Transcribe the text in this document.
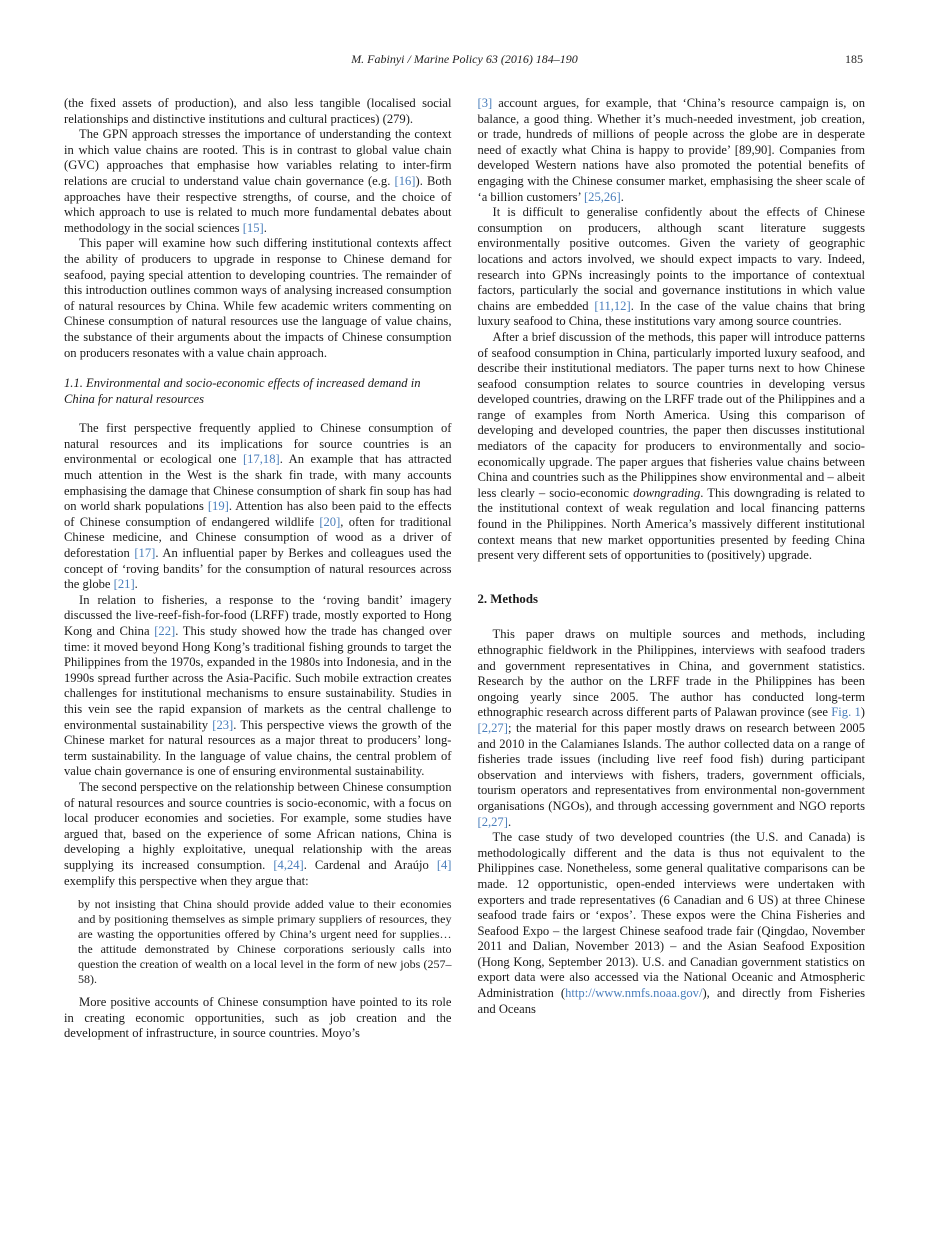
M. Fabinyi / Marine Policy 63 (2016) 184–190	185

(the fixed assets of production), and also less tangible (localised social relationships and distinctive institutions and cultural practices) (279).

The GPN approach stresses the importance of understanding the context in which value chains are rooted. This is in contrast to global value chain (GVC) approaches that emphasise how variables relating to inter-firm relations are crucial to understand value chain governance (e.g. [16]). Both approaches have their respective strengths, of course, and the choice of which approach to use is related to much more fundamental debates about methodology in the social sciences [15].

This paper will examine how such differing institutional contexts affect the ability of producers to upgrade in response to Chinese demand for seafood, paying special attention to developing countries. The remainder of this introduction outlines common ways of analysing increased consumption of natural resources by China. While few academic writers commenting on Chinese consumption of natural resources use the language of value chains, the substance of their arguments about the impacts of Chinese consumption on producers resonates with a value chain approach.

1.1. Environmental and socio-economic effects of increased demand in China for natural resources

The first perspective frequently applied to Chinese consumption of natural resources and its implications for source countries is an environmental or ecological one [17,18]. An example that has attracted much attention in the West is the shark fin trade, with many accounts emphasising the damage that Chinese consumption of shark fin soup has had on world shark populations [19]. Attention has also been paid to the effects of Chinese consumption of endangered wildlife [20], often for traditional Chinese medicine, and Chinese consumption of wood as a driver of deforestation [17]. An influential paper by Berkes and colleagues used the concept of ‘roving bandits’ for the consumption of natural resources across the globe [21].

In relation to fisheries, a response to the ‘roving bandit’ imagery discussed the live-reef-fish-for-food (LRFF) trade, mostly exported to Hong Kong and China [22]. This study showed how the trade has changed over time: it moved beyond Hong Kong’s traditional fishing grounds to target the Philippines from the 1970s, expanded in the 1980s into Indonesia, and in the 1990s spread further across the Asia-Pacific. Such mobile extraction creates challenges for institutional mechanisms to ensure sustainability. Studies in this vein see the rapid expansion of markets as the central challenge to environmental sustainability [23]. This perspective views the growth of the Chinese market for natural resources as a major threat to producers’ long-term sustainability. In the language of value chains, the central problem of value chain governance is one of ensuring environmental sustainability.

The second perspective on the relationship between Chinese consumption of natural resources and source countries is socio-economic, with a focus on local producer economies and societies. For example, some studies have argued that, based on the experience of some African nations, China is developing a highly exploitative, unequal relationship with the areas supplying its increased consumption. [4,24]. Cardenal and Araújo [4] exemplify this perspective when they argue that:

by not insisting that China should provide added value to their economies and by positioning themselves as simple primary suppliers of resources, they are wasting the opportunities offered by China’s urgent need for supplies… the attitude demonstrated by Chinese corporations seriously calls into question the creation of wealth on a local level in the form of new jobs (257–58).

More positive accounts of Chinese consumption have pointed to its role in creating economic opportunities, such as job creation and the development of infrastructure, in source countries. Moyo’s

[3] account argues, for example, that ‘China’s resource campaign is, on balance, a good thing. Whether it’s much-needed investment, job creation, or trade, hundreds of millions of people across the globe are in desperate need of exactly what China is happy to provide’ [89,90]. Companies from developed Western nations have also promoted the potential benefits of engaging with the Chinese consumer market, emphasising the sheer scale of ‘a billion customers’ [25,26].

It is difficult to generalise confidently about the effects of Chinese consumption on producers, although scant literature suggests environmentally positive outcomes. Given the variety of geographic locations and actors involved, we should expect impacts to vary. Indeed, research into GPNs increasingly points to the importance of contextual factors, particularly the social and governance institutions in which value chains are embedded [11,12]. In the case of the value chains that bring luxury seafood to China, these institutions vary among source countries.

After a brief discussion of the methods, this paper will introduce patterns of seafood consumption in China, particularly imported luxury seafood, and describe their institutional mediators. The paper turns next to how Chinese seafood consumption relates to source countries in developing versus developed countries, drawing on the LRFF trade out of the Philippines and a range of examples from North America. Using this comparison of developing and developed countries, the paper then discusses institutional mediators of the capacity for producers to environmentally and socio-economically upgrade. The paper argues that fisheries value chains between China and countries such as the Philippines show environmental and – albeit less clearly – socio-economic downgrading. This downgrading is related to the institutional context of weak regulation and local financing patterns found in the Philippines. North America’s massively different institutional context means that new market opportunities presented by feeding China present very different sets of opportunities to (positively) upgrade.

2. Methods

This paper draws on multiple sources and methods, including ethnographic fieldwork in the Philippines, interviews with seafood traders and government representatives in China, and government statistics. Research by the author on the LRFF trade in the Philippines has been ongoing yearly since 2005. The author has conducted long-term ethnographic research across different parts of Palawan province (see Fig. 1) [2,27]; the material for this paper mostly draws on research between 2005 and 2010 in the Calamianes Islands. The author collected data on a range of fisheries trade issues (including live reef food fish) during participant observation and interviews with fishers, traders, government officials, tourism operators and representatives from environmental non-government organisations (NGOs), and through accessing government and NGO reports [2,27].

The case study of two developed countries (the U.S. and Canada) is methodologically different and the data is thus not equivalent to the Philippines case. Nonetheless, some general qualitative comparisons can be made. 12 opportunistic, open-ended interviews were undertaken with exporters and trade representatives (6 Canadian and 6 US) at three Chinese seafood trade fairs or ‘expos’. These expos were the China Fisheries and Seafood Expo – the largest Chinese seafood trade fair (Qingdao, November 2011 and Dalian, November 2013) – and the Asian Seafood Exposition (Hong Kong, September 2013). U.S. and Canadian government statistics on export data were also accessed via the National Oceanic and Atmospheric Administration (http://www.nmfs.noaa.gov/), and directly from Fisheries and Oceans
